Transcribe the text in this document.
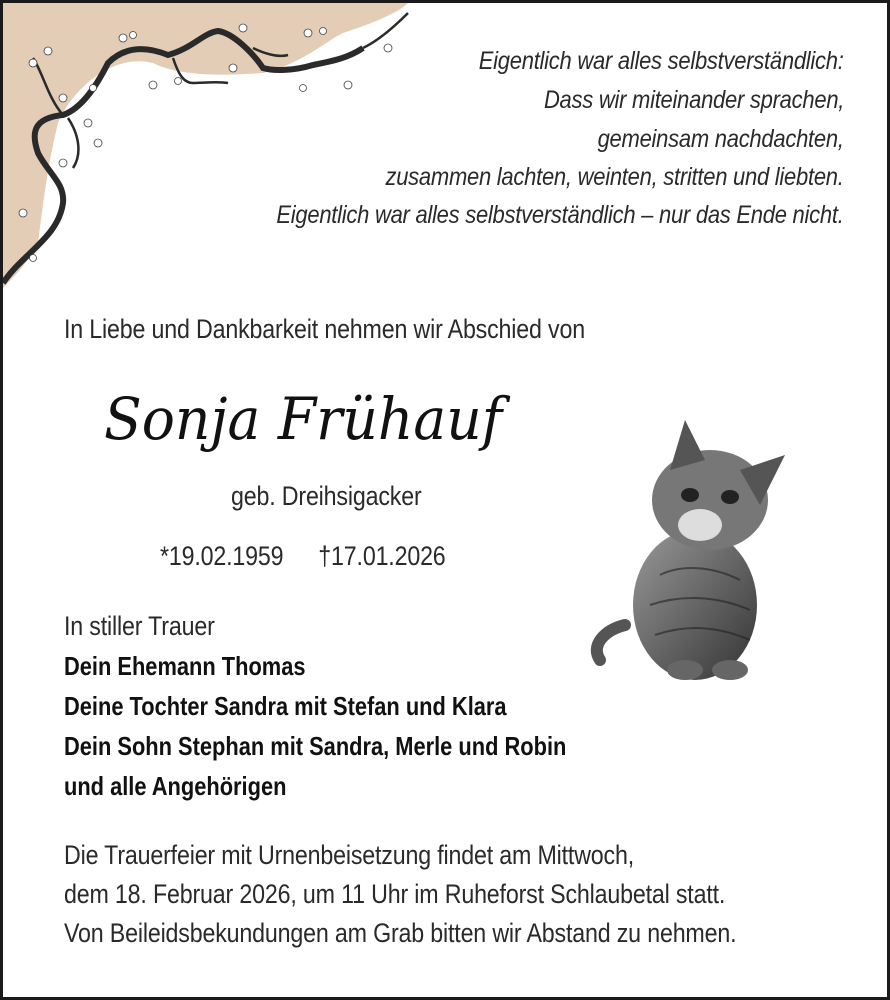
Eigentlich war alles selbstverständlich:
Dass wir miteinander sprachen,
gemeinsam nachdachten,
zusammen lachten, weinten, stritten und liebten.
Eigentlich war alles selbstverständlich – nur das Ende nicht.
In Liebe und Dankbarkeit nehmen wir Abschied von
Sonja Frühauf
geb. Dreihsigacker
*19.02.1959 †17.01.2026
In stiller Trauer
Dein Ehemann Thomas
Deine Tochter Sandra mit Stefan und Klara
Dein Sohn Stephan mit Sandra, Merle und Robin
und alle Angehörigen
Die Trauerfeier mit Urnenbeisetzung findet am Mittwoch,
dem 18. Februar 2026, um 11 Uhr im Ruheforst Schlaubetal statt.
Von Beileidsbekundungen am Grab bitten wir Abstand zu nehmen.
